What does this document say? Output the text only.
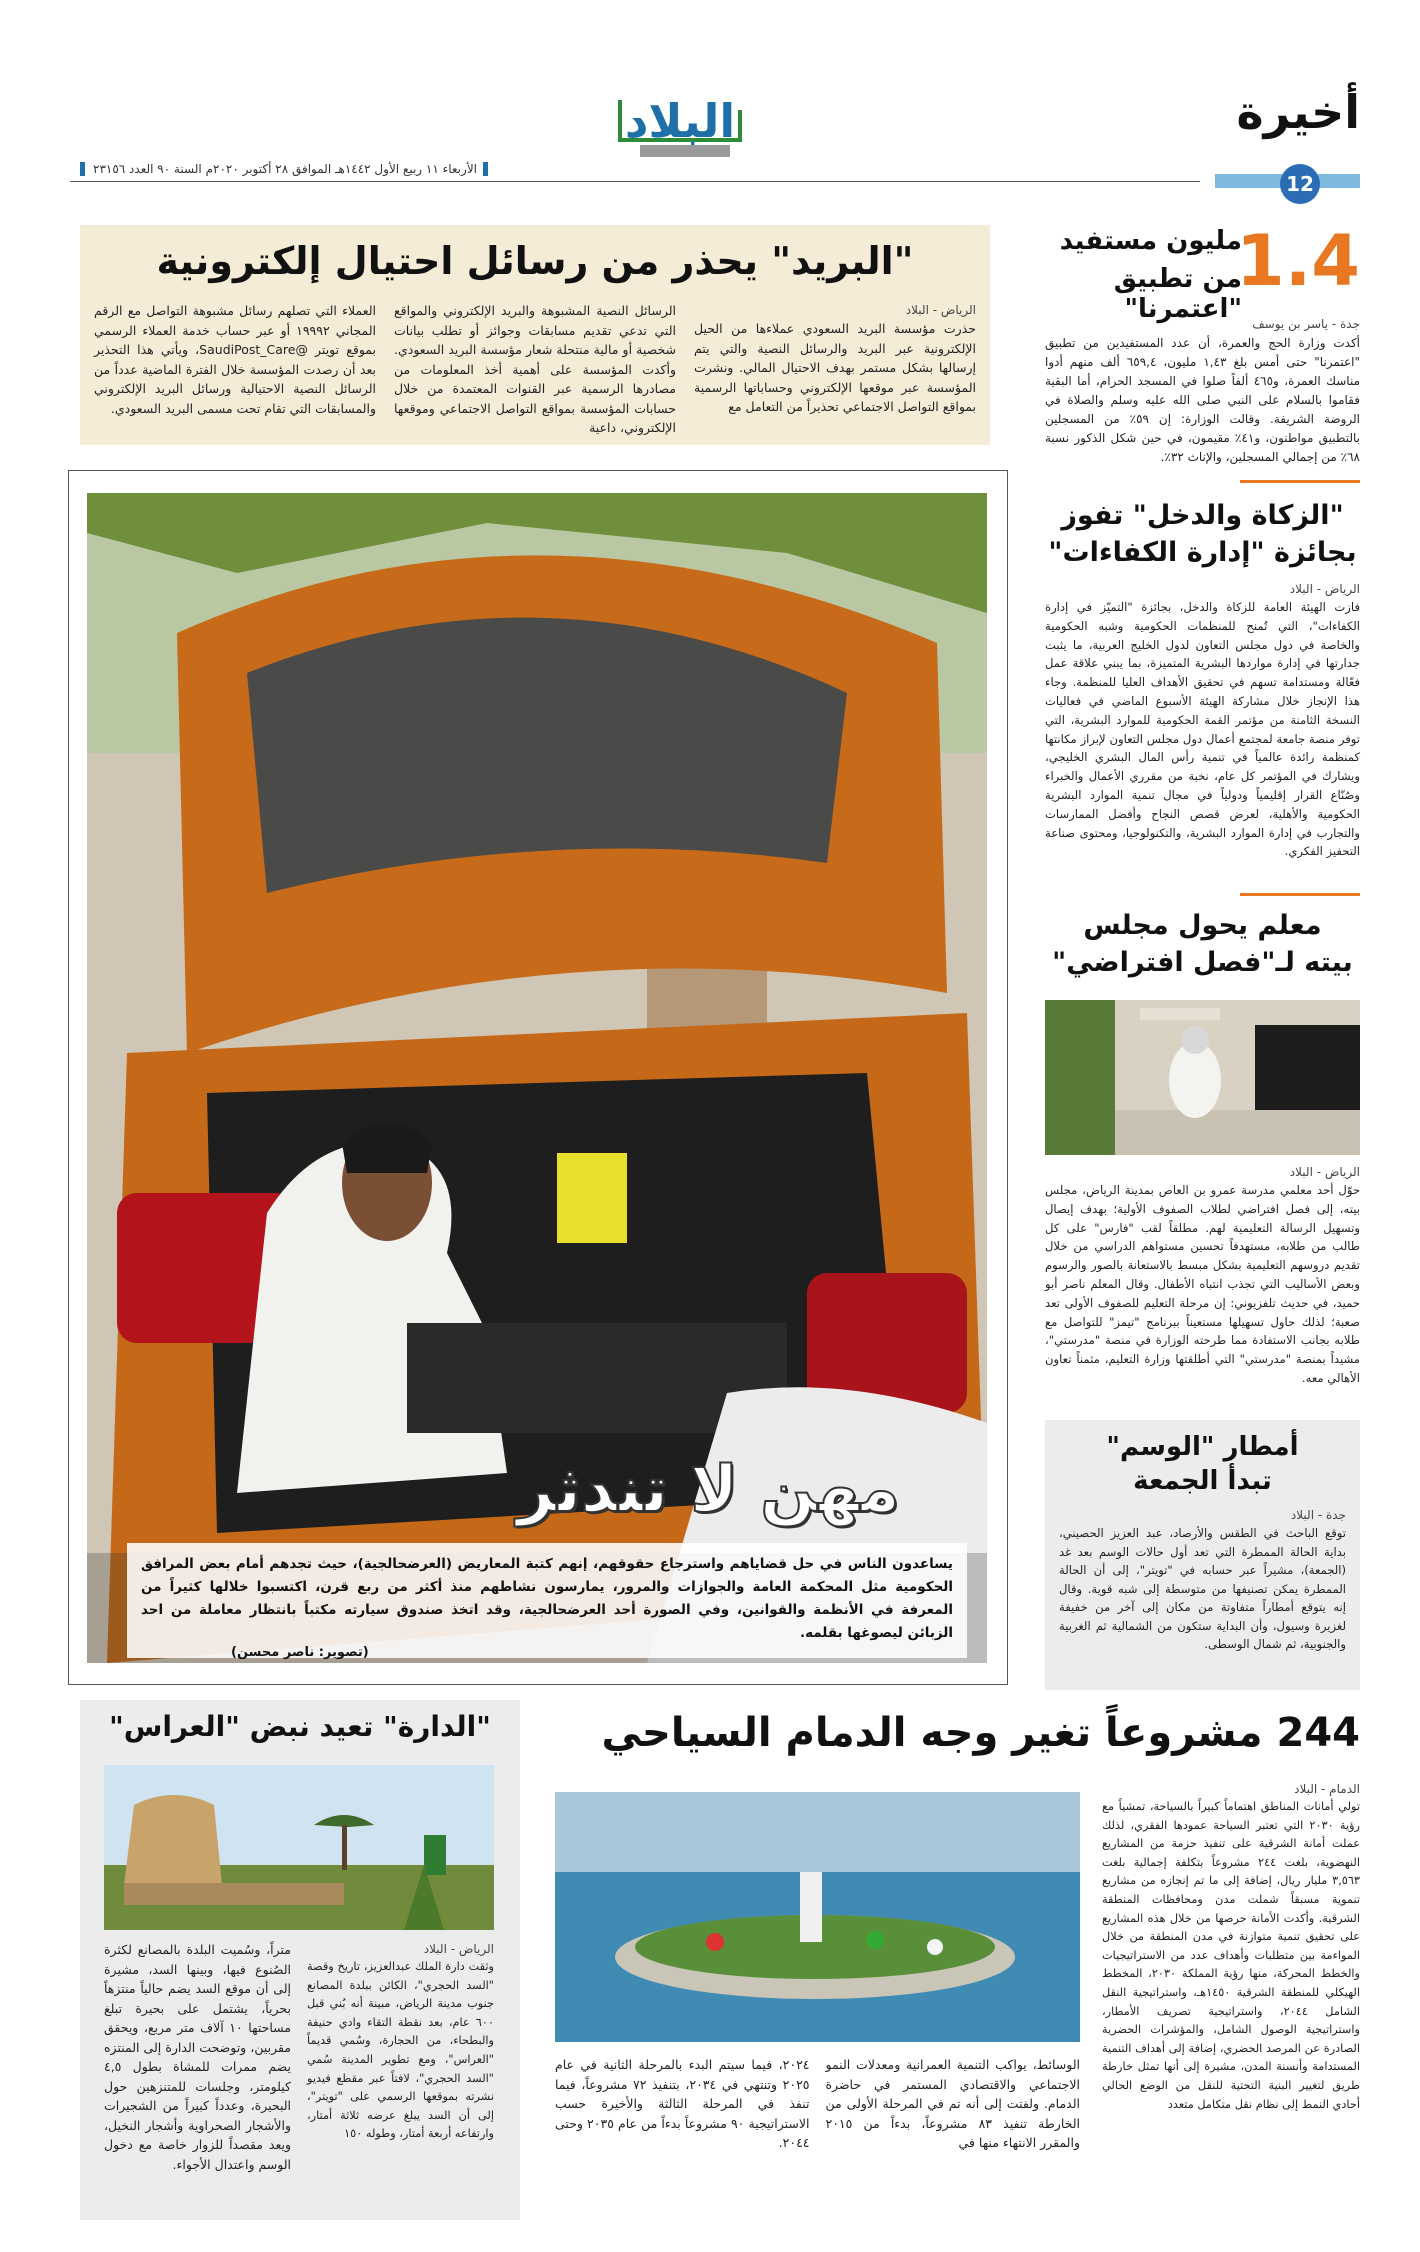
البلاد	أخيرة
الأربعاء ١١ ربيع الأول ١٤٤٢هـ الموافق ٢٨ أكتوبر ٢٠٢٠م السنة ٩٠ العدد ٢٣١٥٦
12
"البريد" يحذر من رسائل احتيال إلكترونية
الرياض - البلاد
حذرت مؤسسة البريد السعودي عملاءها من الحيل الإلكترونية عبر البريد والرسائل النصية والتي يتم إرسالها بشكل مستمر بهدف الاحتيال المالي. ونشرت المؤسسة عبر موقعها الإلكتروني وحساباتها الرسمية بمواقع التواصل الاجتماعي تحذيراً من التعامل مع
الرسائل النصية المشبوهة والبريد الإلكتروني والمواقع التي تدعي تقديم مسابقات وجوائز أو تطلب بيانات شخصية أو مالية منتحلة شعار مؤسسة البريد السعودي. وأكدت المؤسسة على أهمية أخذ المعلومات من مصادرها الرسمية عبر القنوات المعتمدة من خلال حسابات المؤسسة بمواقع التواصل الاجتماعي وموقعها الإلكتروني، داعية
العملاء التي تصلهم رسائل مشبوهة التواصل مع الرقم المجاني ١٩٩٩٢ أو عبر حساب خدمة العملاء الرسمي بموقع تويتر @SaudiPost_Care، ويأتي هذا التحذير بعد أن رصدت المؤسسة خلال الفترة الماضية عدداً من الرسائل النصية الاحتيالية ورسائل البريد الإلكتروني والمسابقات التي تقام تحت مسمى البريد السعودي.
1.4
مليون مستفيد
من تطبيق "اعتمرنا" جدة - ياسر بن يوسف
أكدت وزارة الحج والعمرة، أن عدد المستفيدين من تطبيق "اعتمرنا" حتى أمس بلغ ١,٤٣ مليون، ٦٥٩,٤ ألف منهم أدوا مناسك العمرة، و٤٦٥ ألفاً صلوا في المسجد الحرام، أما البقية فقاموا بالسلام على النبي صلى الله عليه وسلم والصلاة في الروضة الشريفة. وقالت الوزارة: إن ٥٩٪ من المسجلين بالتطبيق مواطنون، و٤١٪ مقيمون، في حين شكل الذكور نسبة ٦٨٪ من إجمالي المسجلين، والإناث ٣٢٪.
"الزكاة والدخل" تفوز
بجائزة "إدارة الكفاءات"
الرياض - البلاد
فازت الهيئة العامة للزكاة والدخل، بجائزة "التميّز في إدارة الكفاءات"، التي تُمنح للمنظمات الحكومية وشبه الحكومية والخاصة في دول مجلس التعاون لدول الخليج العربية، ما يثبت جدارتها في إدارة مواردها البشرية المتميزة، بما يبني علاقة عمل فعّالة ومستدامة تسهم في تحقيق الأهداف العليا للمنظمة. وجاء هذا الإنجاز خلال مشاركة الهيئة الأسبوع الماضي في فعاليات النسخة الثامنة من مؤتمر القمة الحكومية للموارد البشرية، التي توفر منصة جامعة لمجتمع أعمال دول مجلس التعاون لإبراز مكانتها كمنظمة رائدة عالمياً في تنمية رأس المال البشري الخليجي، ويشارك في المؤتمر كل عام، نخبة من مقرري الأعمال والخبراء وصُنّاع القرار إقليمياً ودولياً في مجال تنمية الموارد البشرية الحكومية والأهلية، لعرض قصص النجاح وأفضل الممارسات والتجارب في إدارة الموارد البشرية، والتكنولوجيا، ومحتوى صناعة التحفيز الفكري.
معلم يحول مجلس
بيته لـ"فصل افتراضي"
الرياض - البلاد
حوّل أحد معلمي مدرسة عمرو بن العاص بمدينة الرياض، مجلس بيته، إلى فصل افتراضي لطلاب الصفوف الأولية؛ بهدف إيصال وتسهيل الرسالة التعليمية لهم. مطلقاً لقب "فارس" على كل طالب من طلابه، مستهدفاً تحسين مستواهم الدراسي من خلال تقديم دروسهم التعليمية بشكل مبسط بالاستعانة بالصور والرسوم وبعض الأساليب التي تجذب انتباه الأطفال. وقال المعلم ناصر أبو حميد، في حديث تلفزيوني: إن مرحلة التعليم للصفوف الأولى تعد صعبة؛ لذلك حاول تسهيلها مستعيناً ببرنامج "تيمز" للتواصل مع طلابه بجانب الاستفادة مما طرحته الوزارة في منصة "مدرستي"، مشيداً بمنصة "مدرستي" التي أطلقتها وزارة التعليم، مثمناً تعاون الأهالي معه.
أمطار "الوسم"
تبدأ الجمعة
جدة - البلاد
توقع الباحث في الطقس والأرصاد، عبد العزيز الحصيني، بداية الحالة الممطرة التي تعد أول حالات الوسم بعد غد (الجمعة)، مشيراً عبر حسابه في "تويتر"، إلى أن الحالة الممطرة يمكن تصنيفها من متوسطة إلى شبه قوية. وقال إنه يتوقع أمطاراً متفاوتة من مكان إلى آخر من خفيفة لغزيرة وسيول، وأن البداية ستكون من الشمالية ثم الغربية والجنوبية، ثم شمال الوسطى.
مهن لا تندثر
يساعدون الناس في حل قضاياهم واسترجاع حقوقهم، إنهم كتبة المعاريض (العرضحالجية)، حيث تجدهم أمام بعض المرافق الحكومية مثل المحكمة العامة والجوازات والمرور، يمارسون نشاطهم منذ أكثر من ربع قرن، اكتسبوا خلالها كثيراً من المعرفة في الأنظمة والقوانين، وفي الصورة أحد العرضحالجية، وقد اتخذ صندوق سيارته مكتباً بانتظار معاملة من احد الزبائن ليصوغها بقلمه.
(تصوير: ناصر محسن)
"الدارة" تعيد نبض "العراس"
الرياض - البلاد
وثقت دارة الملك عبدالعزيز، تاريخ وقصة "السد الحجري"، الكائن ببلدة المصانع جنوب مدينة الرياض، مبينة أنه بُني قبل ٦٠٠ عام، بعد نقطة التقاء وادي حنيفة والبطحاء، من الحجارة، وسُمي قديماً "العراس"، ومع تطوير المدينة سُمي "السد الحجري"، لافتاً عبر مقطع فيديو نشرته بموقعها الرسمي على "تويتر"، إلى أن السد يبلغ عرضه ثلاثة أمتار، وارتفاعه أربعة أمتار، وطوله ١٥٠
متراً، وسُميت البلدة بالمصانع لكثرة الصُنوع فيها، وبينها السد، مشيرة إلى أن موقع السد يضم حالياً منتزهاً بحرياً، يشتمل على بحيرة تبلغ مساحتها ١٠ آلاف متر مربع، ويحقق مقربين، وتوضحت الدارة إلى المنتزه يضم ممرات للمشاة بطول ٤,٥ كيلومتر، وجلسات للمتنزهين حول البحيرة، وعدداً كبيراً من الشجيرات والأشجار الصحراوية وأشجار النخيل، ويعد مقصداً للزوار خاصة مع دخول الوسم واعتدال الأجواء.
244 مشروعاً تغير وجه الدمام السياحي
الدمام - البلاد
تولي أمانات المناطق اهتماماً كبيراً بالسياحة، تمشياً مع رؤية ٢٠٣٠ التي تعتبر السياحة عمودها الفقري، لذلك عملت أمانة الشرقية على تنفيذ حزمة من المشاريع النهضوية، بلغت ٢٤٤ مشروعاً بتكلفة إجمالية بلغت ٣,٥٦٣ مليار ريال، إضافة إلى ما تم إنجازه من مشاريع تنموية مسبقاً شملت مدن ومحافظات المنطقة الشرقية. وأكدت الأمانة حرصها من خلال هذه المشاريع على تحقيق تنمية متوازنة في مدن المنطقة من خلال المواءمة بين متطلبات وأهداف عدد من الاستراتيجيات والخطط المحركة، منها رؤية المملكة ٢٠٣٠، المخطط الهيكلي للمنطقة الشرقية ١٤٥٠هـ، واستراتيجية النقل الشامل ٢٠٤٤، واستراتيجية تصريف الأمطار، واستراتيجية الوصول الشامل، والمؤشرات الحضرية الصادرة عن المرصد الحضري، إضافة إلى أهداف التنمية المستدامة وأنسنة المدن، مشيرة إلى أنها تمثل خارطة طريق لتغيير البنية التحتية للنقل من الوضع الحالي أحادي النمط إلى نظام نقل متكامل متعدد
الوسائط، يواكب التنمية العمرانية ومعدلات النمو الاجتماعي والاقتصادي المستمر في حاضرة الدمام. ولفتت إلى أنه تم في المرحلة الأولى من الخارطة تنفيذ ٨٣ مشروعاً، بدءاً من ٢٠١٥ والمقرر الانتهاء منها في
٢٠٢٤، فيما سيتم البدء بالمرحلة الثانية في عام ٢٠٢٥ وتنتهي في ٢٠٣٤، بتنفيذ ٧٢ مشروعاً، فيما تنفذ في المرحلة الثالثة والأخيرة حسب الاستراتيجية ٩٠ مشروعاً بدءاً من عام ٢٠٣٥ وحتى ٢٠٤٤.
